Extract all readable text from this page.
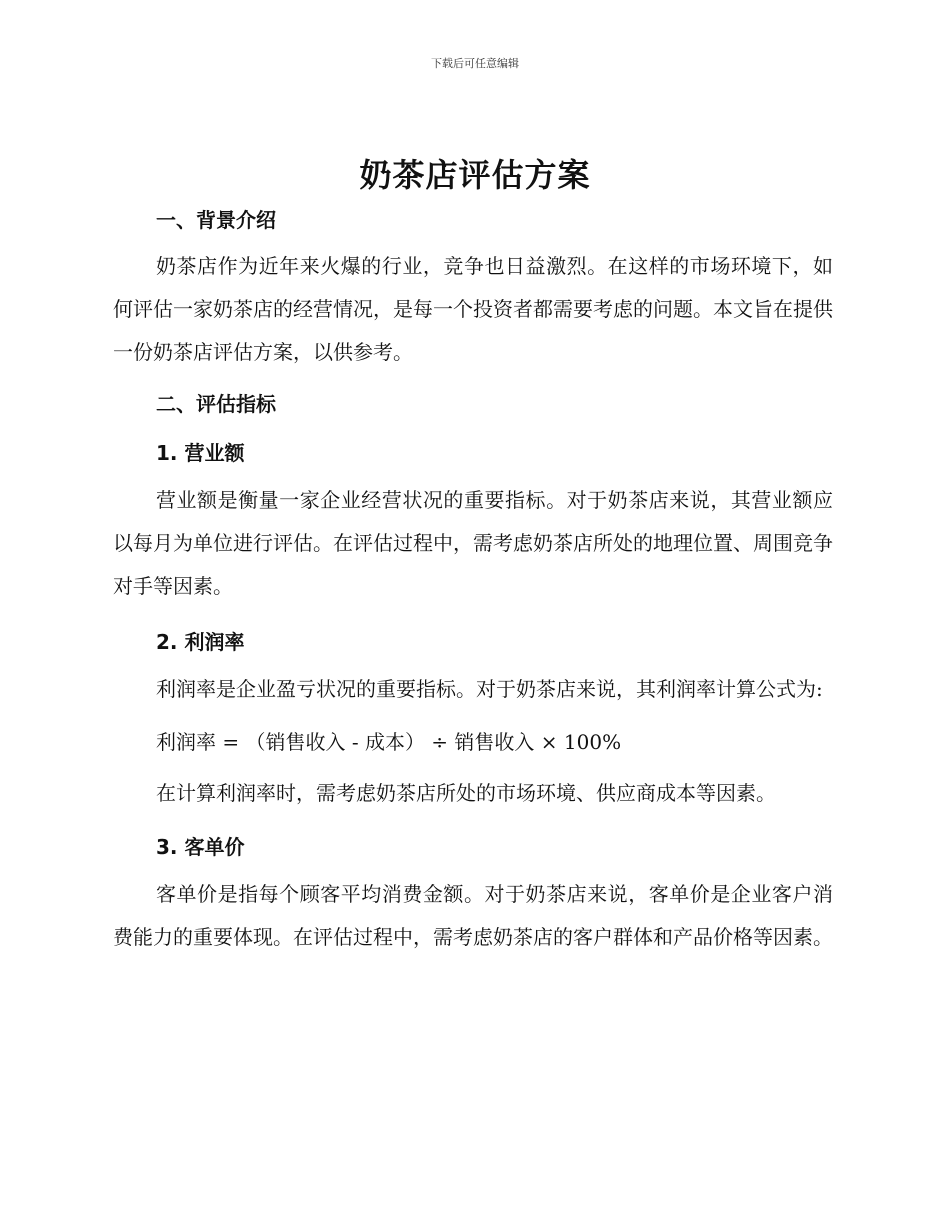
下载后可任意编辑
奶茶店评估方案
一、背景介绍

奶茶店作为近年来火爆的行业，竞争也日益激烈。在这样的市场环境下，如何评估一家奶茶店的经营情况，是每一个投资者都需要考虑的问题。本文旨在提供一份奶茶店评估方案，以供参考。

二、评估指标
1. 营业额

营业额是衡量一家企业经营状况的重要指标。对于奶茶店来说，其营业额应以每月为单位进行评估。在评估过程中，需考虑奶茶店所处的地理位置、周围竞争对手等因素。

2. 利润率

利润率是企业盈亏状况的重要指标。对于奶茶店来说，其利润率计算公式为:

利润率 = （销售收入 - 成本） ÷ 销售收入 × 100%

在计算利润率时，需考虑奶茶店所处的市场环境、供应商成本等因素。

3. 客单价

客单价是指每个顾客平均消费金额。对于奶茶店来说，客单价是企业客户消费能力的重要体现。在评估过程中，需考虑奶茶店的客户群体和产品价格等因素。
